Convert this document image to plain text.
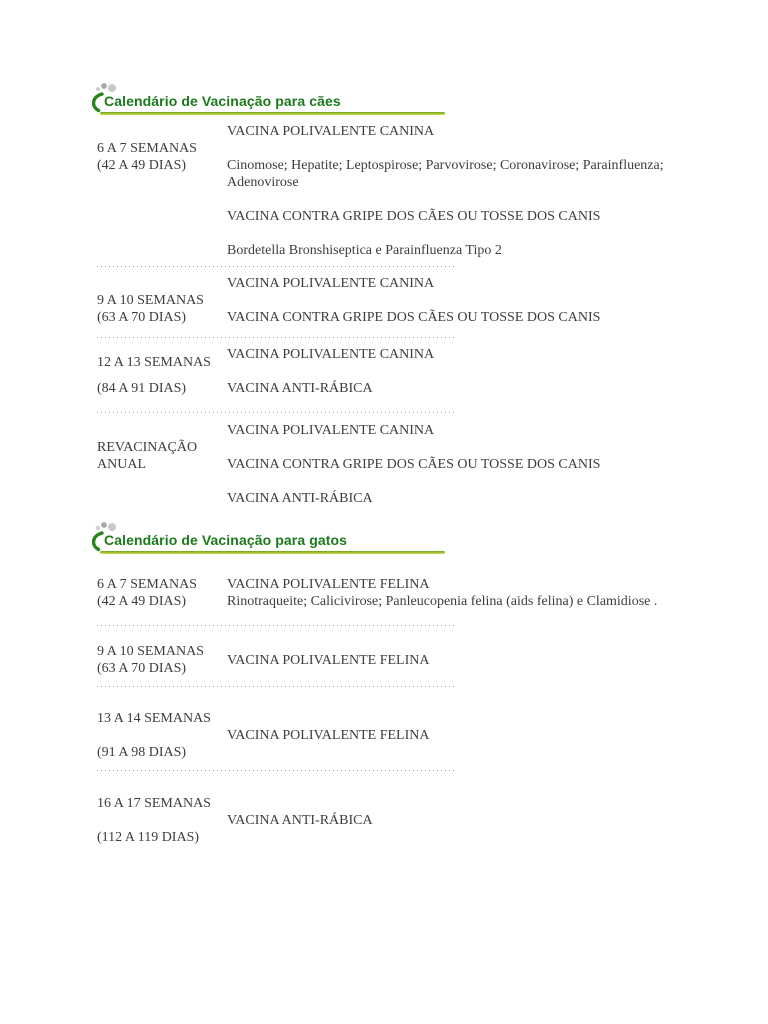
Calendário de Vacinação para cães
6 A 7 SEMANAS
(42 A 49 DIAS)
VACINA POLIVALENTE CANINA
Cinomose; Hepatite; Leptospirose; Parvovirose; Coronavirose; Parainfluenza; Adenovirose
VACINA CONTRA GRIPE DOS CÃES OU TOSSE DOS CANIS
Bordetella Bronshiseptica e Parainfluenza Tipo 2
9 A 10 SEMANAS
(63 A 70 DIAS)
VACINA POLIVALENTE CANINA
VACINA CONTRA GRIPE DOS CÃES OU TOSSE DOS CANIS
12 A 13 SEMANAS
(84 A 91 DIAS)
VACINA POLIVALENTE CANINA
VACINA ANTI-RÁBICA
REVACINAÇÃO
ANUAL
VACINA POLIVALENTE CANINA
VACINA CONTRA GRIPE DOS CÃES OU TOSSE DOS CANIS
VACINA ANTI-RÁBICA
Calendário de Vacinação para gatos
6 A 7 SEMANAS
(42 A 49 DIAS)
VACINA POLIVALENTE FELINA
Rinotraqueite; Calicivirose; Panleucopenia felina (aids felina) e Clamidiose .
9 A 10 SEMANAS
(63 A 70 DIAS)
VACINA POLIVALENTE FELINA
13 A 14 SEMANAS
(91 A 98 DIAS)
VACINA POLIVALENTE FELINA
16 A 17 SEMANAS
(112 A 119 DIAS)
VACINA ANTI-RÁBICA
